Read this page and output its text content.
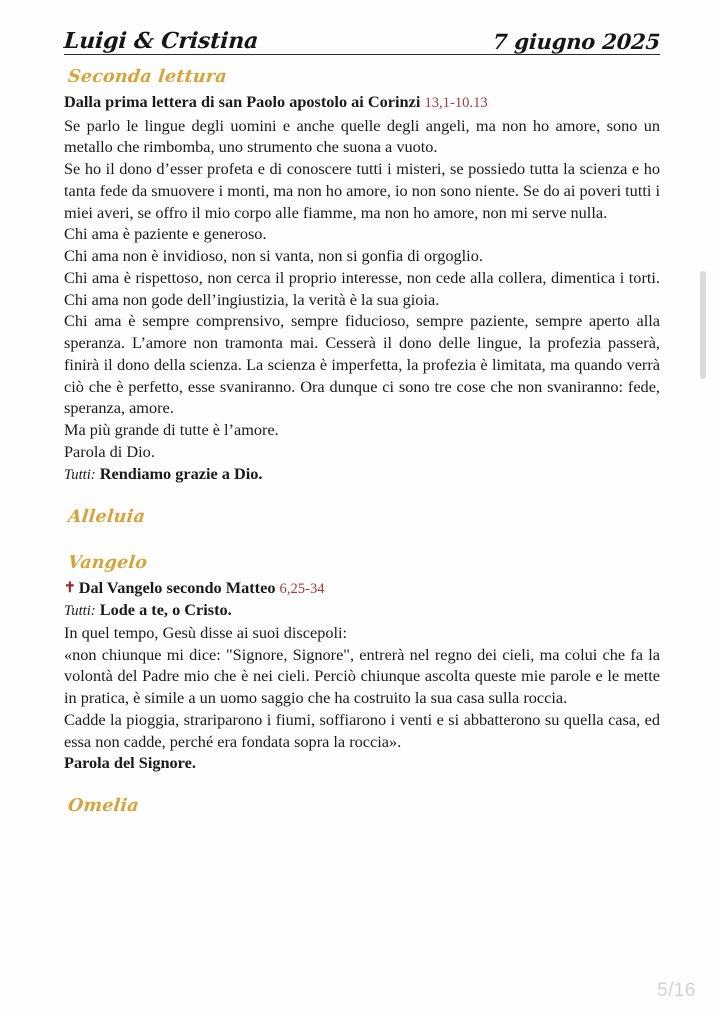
Luigi & Cristina	7 giugno 2025
Seconda lettura

Dalla prima lettera di san Paolo apostolo ai Corinzi 13,1-10.13

Se parlo le lingue degli uomini e anche quelle degli angeli, ma non ho amore, sono un metallo che rimbomba, uno strumento che suona a vuoto.

Se ho il dono d’esser profeta e di conoscere tutti i misteri, se possiedo tutta la scienza e ho tanta fede da smuovere i monti, ma non ho amore, io non sono niente. Se do ai poveri tutti i miei averi, se offro il mio corpo alle fiamme, ma non ho amore, non mi serve nulla.

Chi ama è paziente e generoso.

Chi ama non è invidioso, non si vanta, non si gonfia di orgoglio.

Chi ama è rispettoso, non cerca il proprio interesse, non cede alla collera, dimentica i torti. Chi ama non gode dell’ingiustizia, la verità è la sua gioia.

Chi ama è sempre comprensivo, sempre fiducioso, sempre paziente, sempre aperto alla speranza. L’amore non tramonta mai. Cesserà il dono delle lingue, la profezia passerà, finirà il dono della scienza. La scienza è imperfetta, la profezia è limitata, ma quando verrà ciò che è perfetto, esse svaniranno. Ora dunque ci sono tre cose che non svaniranno: fede, speranza, amore.

Ma più grande di tutte è l’amore.

Parola di Dio.

Tutti: Rendiamo grazie a Dio.

Alleluia
Vangelo

✝ Dal Vangelo secondo Matteo 6,25-34

Tutti: Lode a te, o Cristo.

In quel tempo, Gesù disse ai suoi discepoli:

«non chiunque mi dice: "Signore, Signore", entrerà nel regno dei cieli, ma colui che fa la volontà del Padre mio che è nei cieli. Perciò chiunque ascolta queste mie parole e le mette in pratica, è simile a un uomo saggio che ha costruito la sua casa sulla roccia.

Cadde la pioggia, strariparono i fiumi, soffiarono i venti e si abbatterono su quella casa, ed essa non cadde, perché era fondata sopra la roccia».

Parola del Signore.

Omelia
5/16
